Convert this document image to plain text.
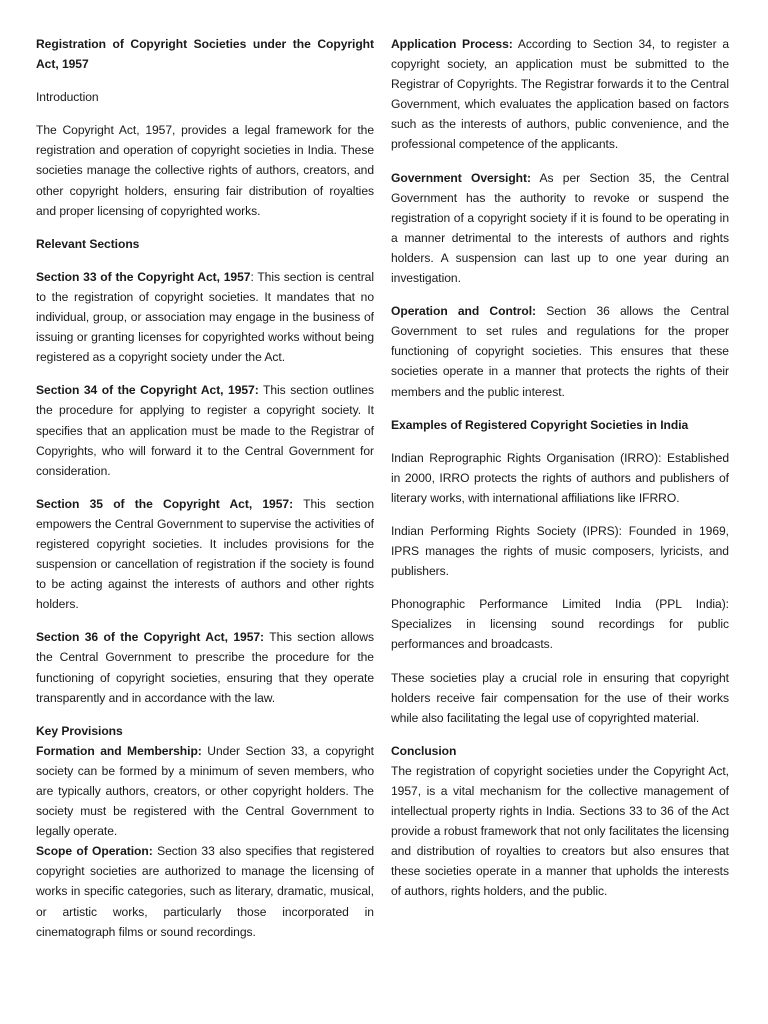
Registration of Copyright Societies under the Copyright Act, 1957

Introduction

The Copyright Act, 1957, provides a legal framework for the registration and operation of copyright societies in India. These societies manage the collective rights of authors, creators, and other copyright holders, ensuring fair distribution of royalties and proper licensing of copyrighted works.

Relevant Sections

Section 33 of the Copyright Act, 1957: This section is central to the registration of copyright societies. It mandates that no individual, group, or association may engage in the business of issuing or granting licenses for copyrighted works without being registered as a copyright society under the Act.

Section 34 of the Copyright Act, 1957: This section outlines the procedure for applying to register a copyright society. It specifies that an application must be made to the Registrar of Copyrights, who will forward it to the Central Government for consideration.

Section 35 of the Copyright Act, 1957: This section empowers the Central Government to supervise the activities of registered copyright societies. It includes provisions for the suspension or cancellation of registration if the society is found to be acting against the interests of authors and other rights holders.

Section 36 of the Copyright Act, 1957: This section allows the Central Government to prescribe the procedure for the functioning of copyright societies, ensuring that they operate transparently and in accordance with the law.

Key Provisions

Formation and Membership: Under Section 33, a copyright society can be formed by a minimum of seven members, who are typically authors, creators, or other copyright holders. The society must be registered with the Central Government to legally operate.

Scope of Operation: Section 33 also specifies that registered copyright societies are authorized to manage the licensing of works in specific categories, such as literary, dramatic, musical, or artistic works, particularly those incorporated in cinematograph films or sound recordings.

Application Process: According to Section 34, to register a copyright society, an application must be submitted to the Registrar of Copyrights. The Registrar forwards it to the Central Government, which evaluates the application based on factors such as the interests of authors, public convenience, and the professional competence of the applicants.

Government Oversight: As per Section 35, the Central Government has the authority to revoke or suspend the registration of a copyright society if it is found to be operating in a manner detrimental to the interests of authors and rights holders. A suspension can last up to one year during an investigation.

Operation and Control: Section 36 allows the Central Government to set rules and regulations for the proper functioning of copyright societies. This ensures that these societies operate in a manner that protects the rights of their members and the public interest.

Examples of Registered Copyright Societies in India

Indian Reprographic Rights Organisation (IRRO): Established in 2000, IRRO protects the rights of authors and publishers of literary works, with international affiliations like IFRRO.

Indian Performing Rights Society (IPRS): Founded in 1969, IPRS manages the rights of music composers, lyricists, and publishers.

Phonographic Performance Limited India (PPL India): Specializes in licensing sound recordings for public performances and broadcasts.

These societies play a crucial role in ensuring that copyright holders receive fair compensation for the use of their works while also facilitating the legal use of copyrighted material.

Conclusion

The registration of copyright societies under the Copyright Act, 1957, is a vital mechanism for the collective management of intellectual property rights in India. Sections 33 to 36 of the Act provide a robust framework that not only facilitates the licensing and distribution of royalties to creators but also ensures that these societies operate in a manner that upholds the interests of authors, rights holders, and the public.
